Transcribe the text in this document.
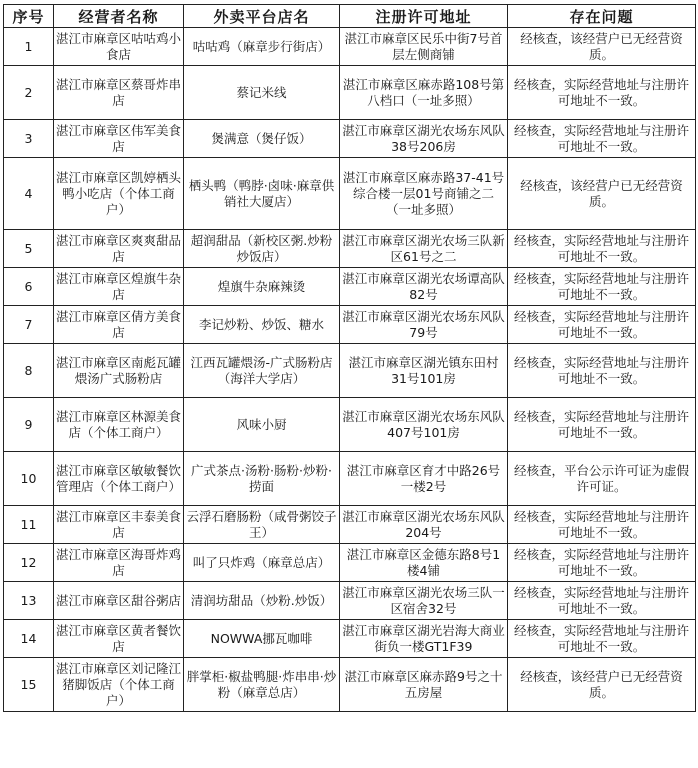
序号	经营者名称	外卖平台店名	注册许可地址	存在问题
1	湛江市麻章区咕咕鸡小食店	咕咕鸡（麻章步行街店）	湛江市麻章区民乐中街7号首层左侧商铺	经核查，该经营户已无经营资质。
2	湛江市麻章区蔡哥炸串店	蔡记米线	湛江市麻章区麻赤路108号第八档口（一址多照）	经核查，实际经营地址与注册许可地址不一致。
3	湛江市麻章区伟军美食店	煲满意（煲仔饭）	湛江市麻章区湖光农场东风队38号206房	经核查，实际经营地址与注册许可地址不一致。
4	湛江市麻章区凯婷栖头鸭小吃店（个体工商户）	栖头鸭（鸭脖·卤味·麻章供销社大厦店）	湛江市麻章区麻赤路37-41号综合楼一层01号商铺之二（一址多照）	经核查，该经营户已无经营资质。
5	湛江市麻章区爽爽甜品店	超润甜品（新校区粥.炒粉炒饭店）	湛江市麻章区湖光农场三队新区61号之二	经核查，实际经营地址与注册许可地址不一致。
6	湛江市麻章区煌旗牛杂店	煌旗牛杂麻辣烫	湛江市麻章区湖光农场谭高队82号	经核查，实际经营地址与注册许可地址不一致。
7	湛江市麻章区倩方美食店	李记炒粉、炒饭、糖水	湛江市麻章区湖光农场东风队79号	经核查，实际经营地址与注册许可地址不一致。
8	湛江市麻章区南彪瓦罐煨汤广式肠粉店	江西瓦罐煨汤-广式肠粉店（海洋大学店）	湛江市麻章区湖光镇东田村31号101房	经核查，实际经营地址与注册许可地址不一致。
9	湛江市麻章区林源美食店（个体工商户）	风味小厨	湛江市麻章区湖光农场东风队407号101房	经核查，实际经营地址与注册许可地址不一致。
10	湛江市麻章区敏敏餐饮管理店（个体工商户）	广式茶点·汤粉·肠粉·炒粉·捞面	湛江市麻章区育才中路26号一楼2号	经核查，平台公示许可证为虚假许可证。
11	湛江市麻章区丰泰美食店	云浮石磨肠粉（咸骨粥饺子王）	湛江市麻章区湖光农场东风队204号	经核查，实际经营地址与注册许可地址不一致。
12	湛江市麻章区海哥炸鸡店	叫了只炸鸡（麻章总店）	湛江市麻章区金德东路8号1楼4铺	经核查，实际经营地址与注册许可地址不一致。
13	湛江市麻章区甜谷粥店	清润坊甜品（炒粉.炒饭）	湛江市麻章区湖光农场三队一区宿舍32号	经核查，实际经营地址与注册许可地址不一致。
14	湛江市麻章区黄者餐饮店	NOWWA挪瓦咖啡	湛江市麻章区湖光岩海大商业街负一楼GT1F39	经核查，实际经营地址与注册许可地址不一致。
15	湛江市麻章区刘记隆江猪脚饭店（个体工商户）	胖掌柜·椒盐鸭腿·炸串串·炒粉（麻章总店）	湛江市麻章区麻赤路9号之十五房屋	经核查，该经营户已无经营资质。
